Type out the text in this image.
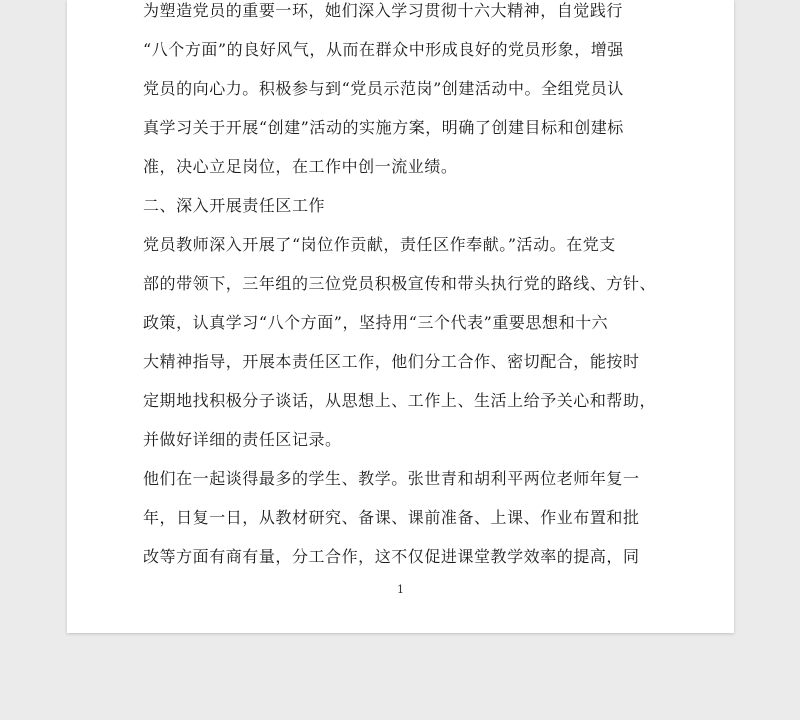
为塑造党员的重要一环，她们深入学习贯彻十六大精神，自觉践行
“八个方面”的良好风气，从而在群众中形成良好的党员形象，增强
党员的向心力。积极参与到“党员示范岗”创建活动中。全组党员认
真学习关于开展“创建”活动的实施方案，明确了创建目标和创建标
准，决心立足岗位，在工作中创一流业绩。
二、深入开展责任区工作
党员教师深入开展了“岗位作贡献，责任区作奉献。”活动。在党支
部的带领下，三年组的三位党员积极宣传和带头执行党的路线、方针、
政策，认真学习“八个方面”，坚持用“三个代表”重要思想和十六
大精神指导，开展本责任区工作，他们分工合作、密切配合，能按时
定期地找积极分子谈话，从思想上、工作上、生活上给予关心和帮助，
并做好详细的责任区记录。
他们在一起谈得最多的学生、教学。张世青和胡利平两位老师年复一
年，日复一日，从教材研究、备课、课前准备、上课、作业布置和批
改等方面有商有量，分工合作，这不仅促进课堂教学效率的提高，同
1
